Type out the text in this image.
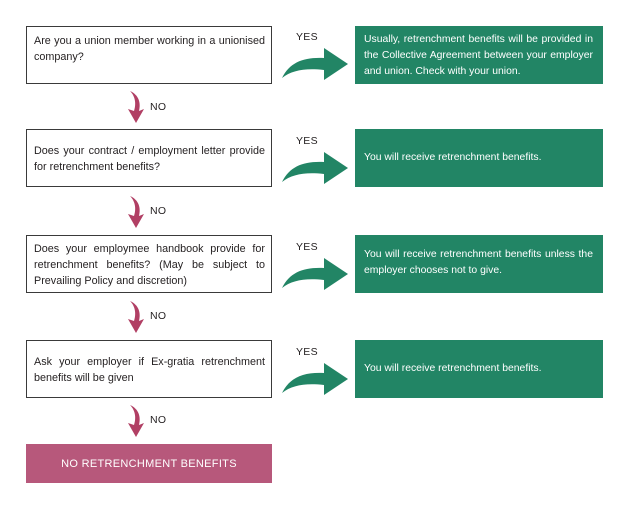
Are you a union member working in a unionised company?
YES	Usually, retrenchment benefits will be provided in the Collective Agreement between your employer and union. Check with your union.
NO
Does your contract / employment letter provide for retrenchment benefits?
YES
You will receive retrenchment benefits.
NO
Does your employmee handbook provide for retrenchment benefits? (May be subject to Prevailing Policy and discretion)
YES
You will receive retrenchment benefits unless the employer chooses not to give.
NO
Ask your employer if Ex-gratia retrenchment benefits will be given
YES
You will receive retrenchment benefits.
NO
NO RETRENCHMENT BENEFITS
